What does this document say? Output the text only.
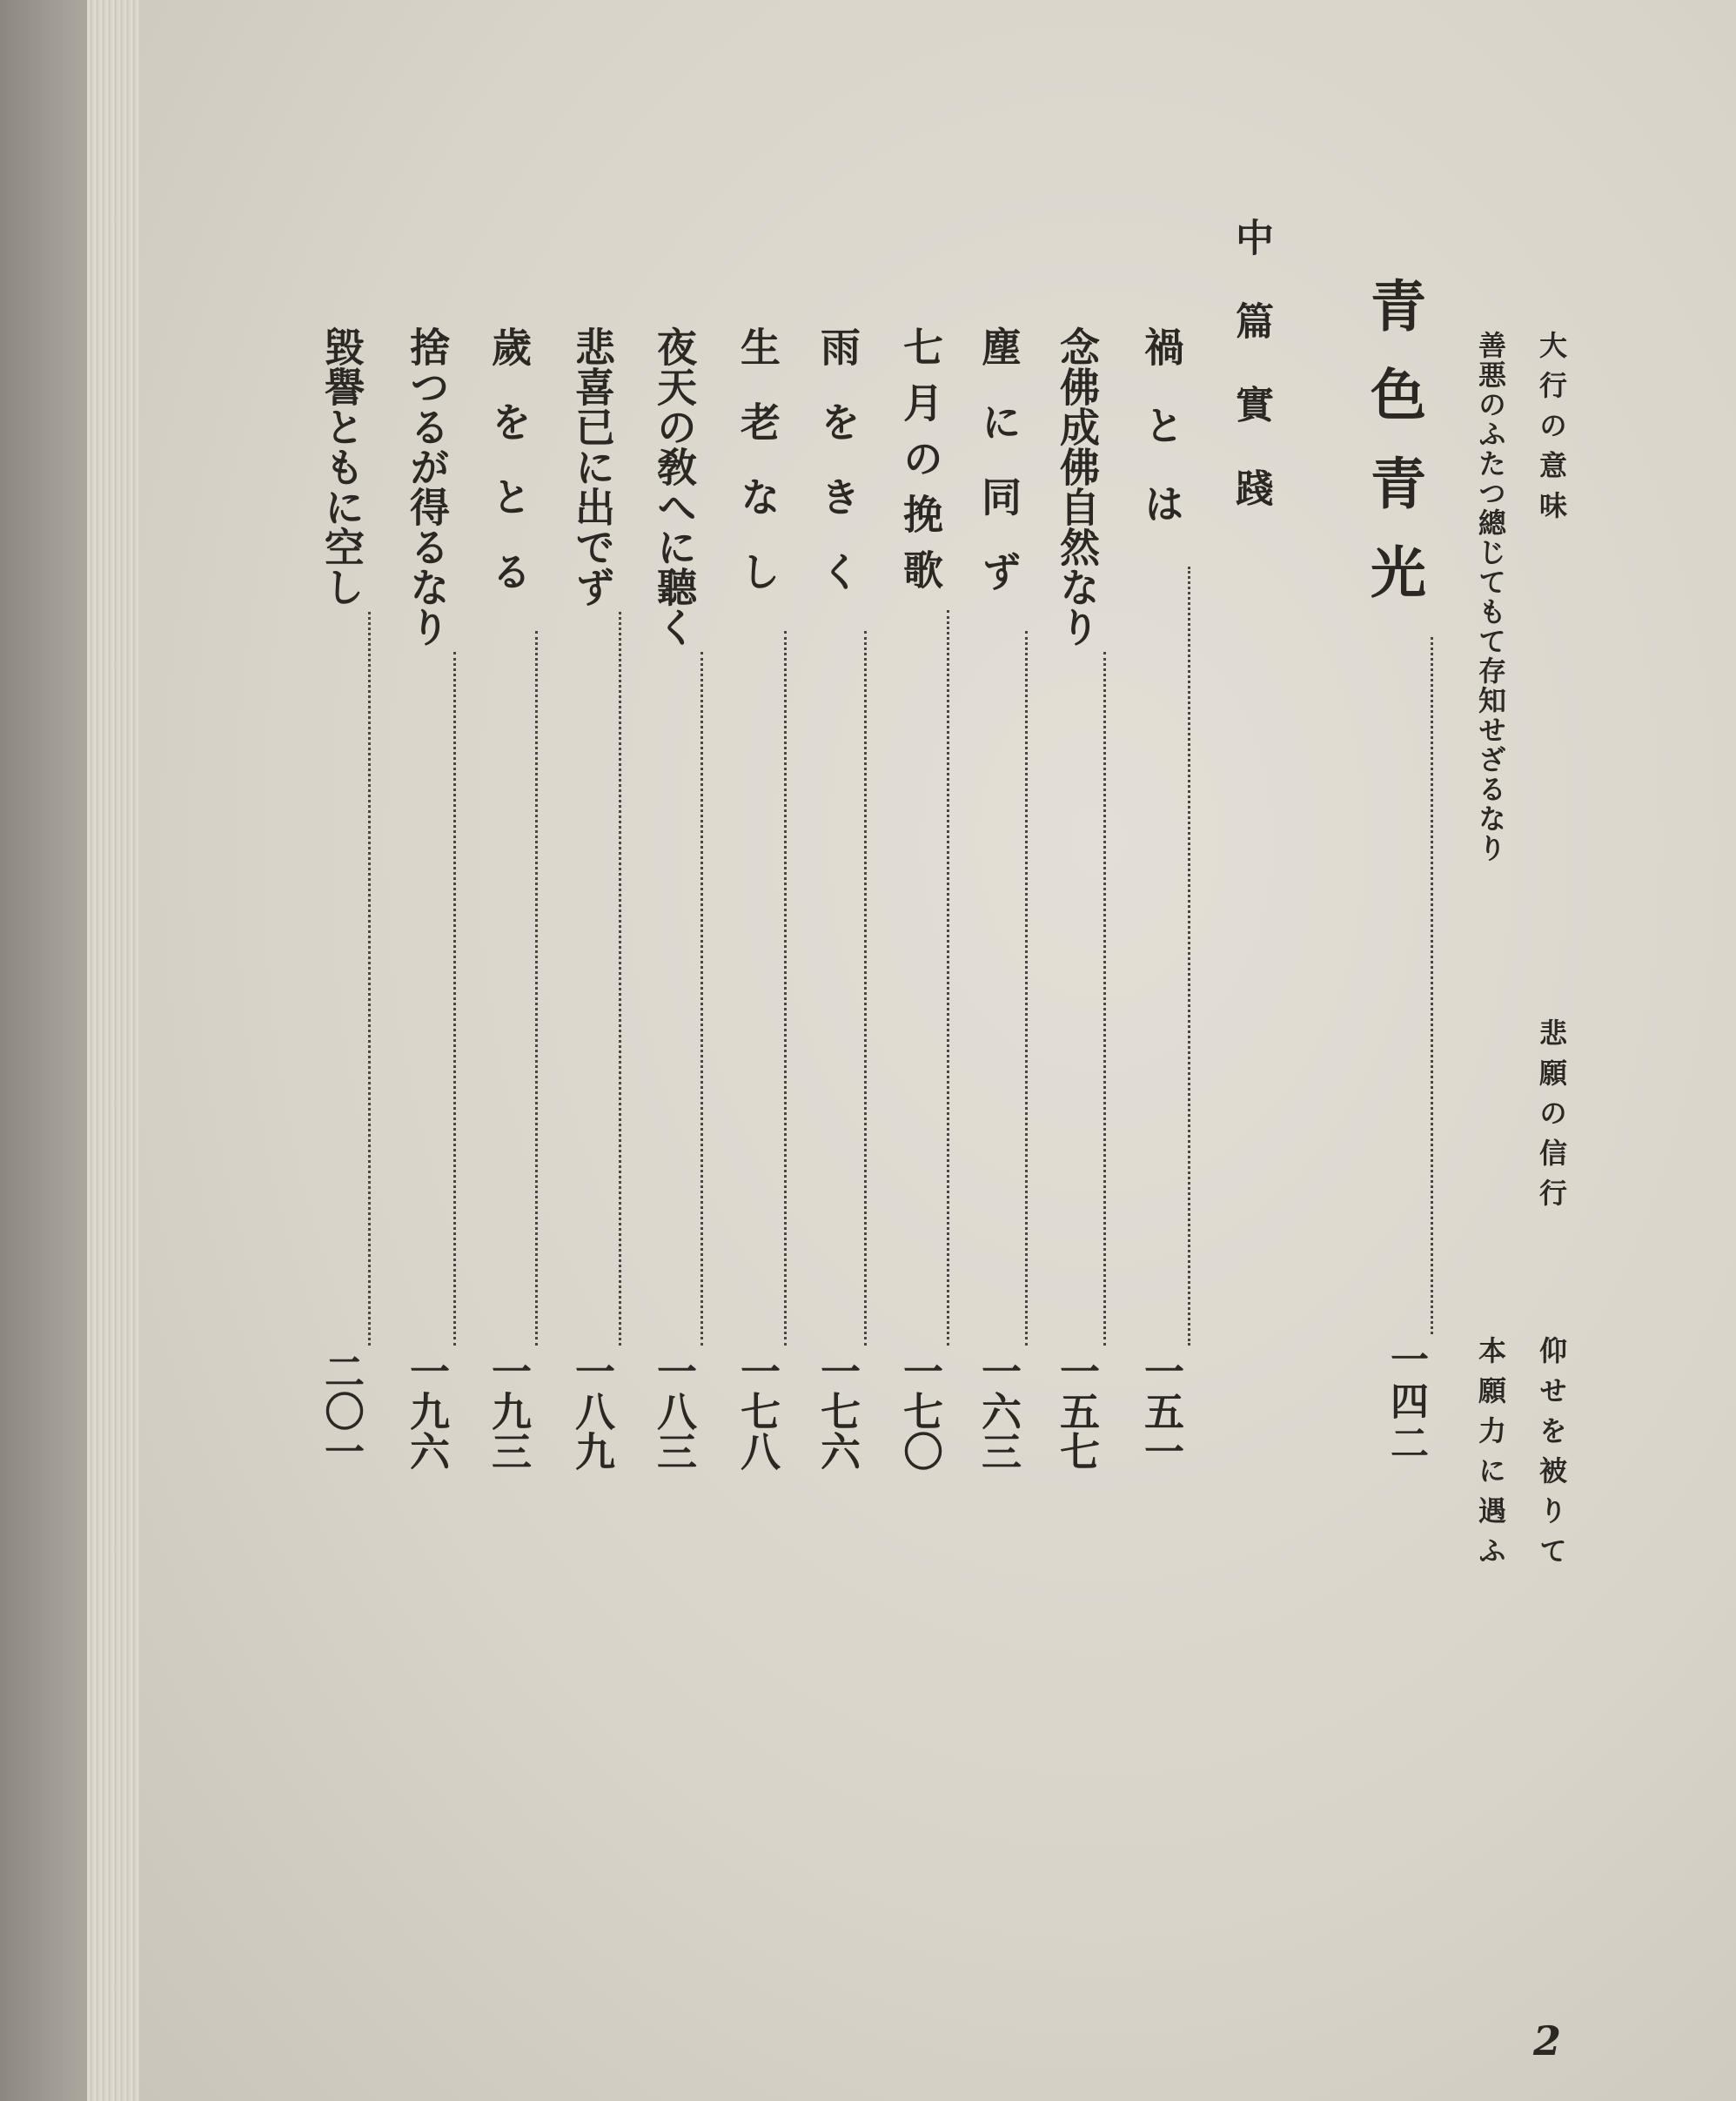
大行の意味
悲願の信行
善悪のふたつ總じてもて存知せざるなり
仰せを被りて
本願力に遇ふ
青色青光
一四二
中篇實踐
禍とは
一五一
念佛成佛自然なり
一五七
塵に同ず
一六三
七月の挽歌
一七〇
雨をきく
一七六
生老なし
一七八
夜天の敎へに聽く
一八三
悲喜已に出でず
一八九
歲をとる
一九三
捨つるが得るなり
一九六
毀譽ともに空し
二〇一
2
